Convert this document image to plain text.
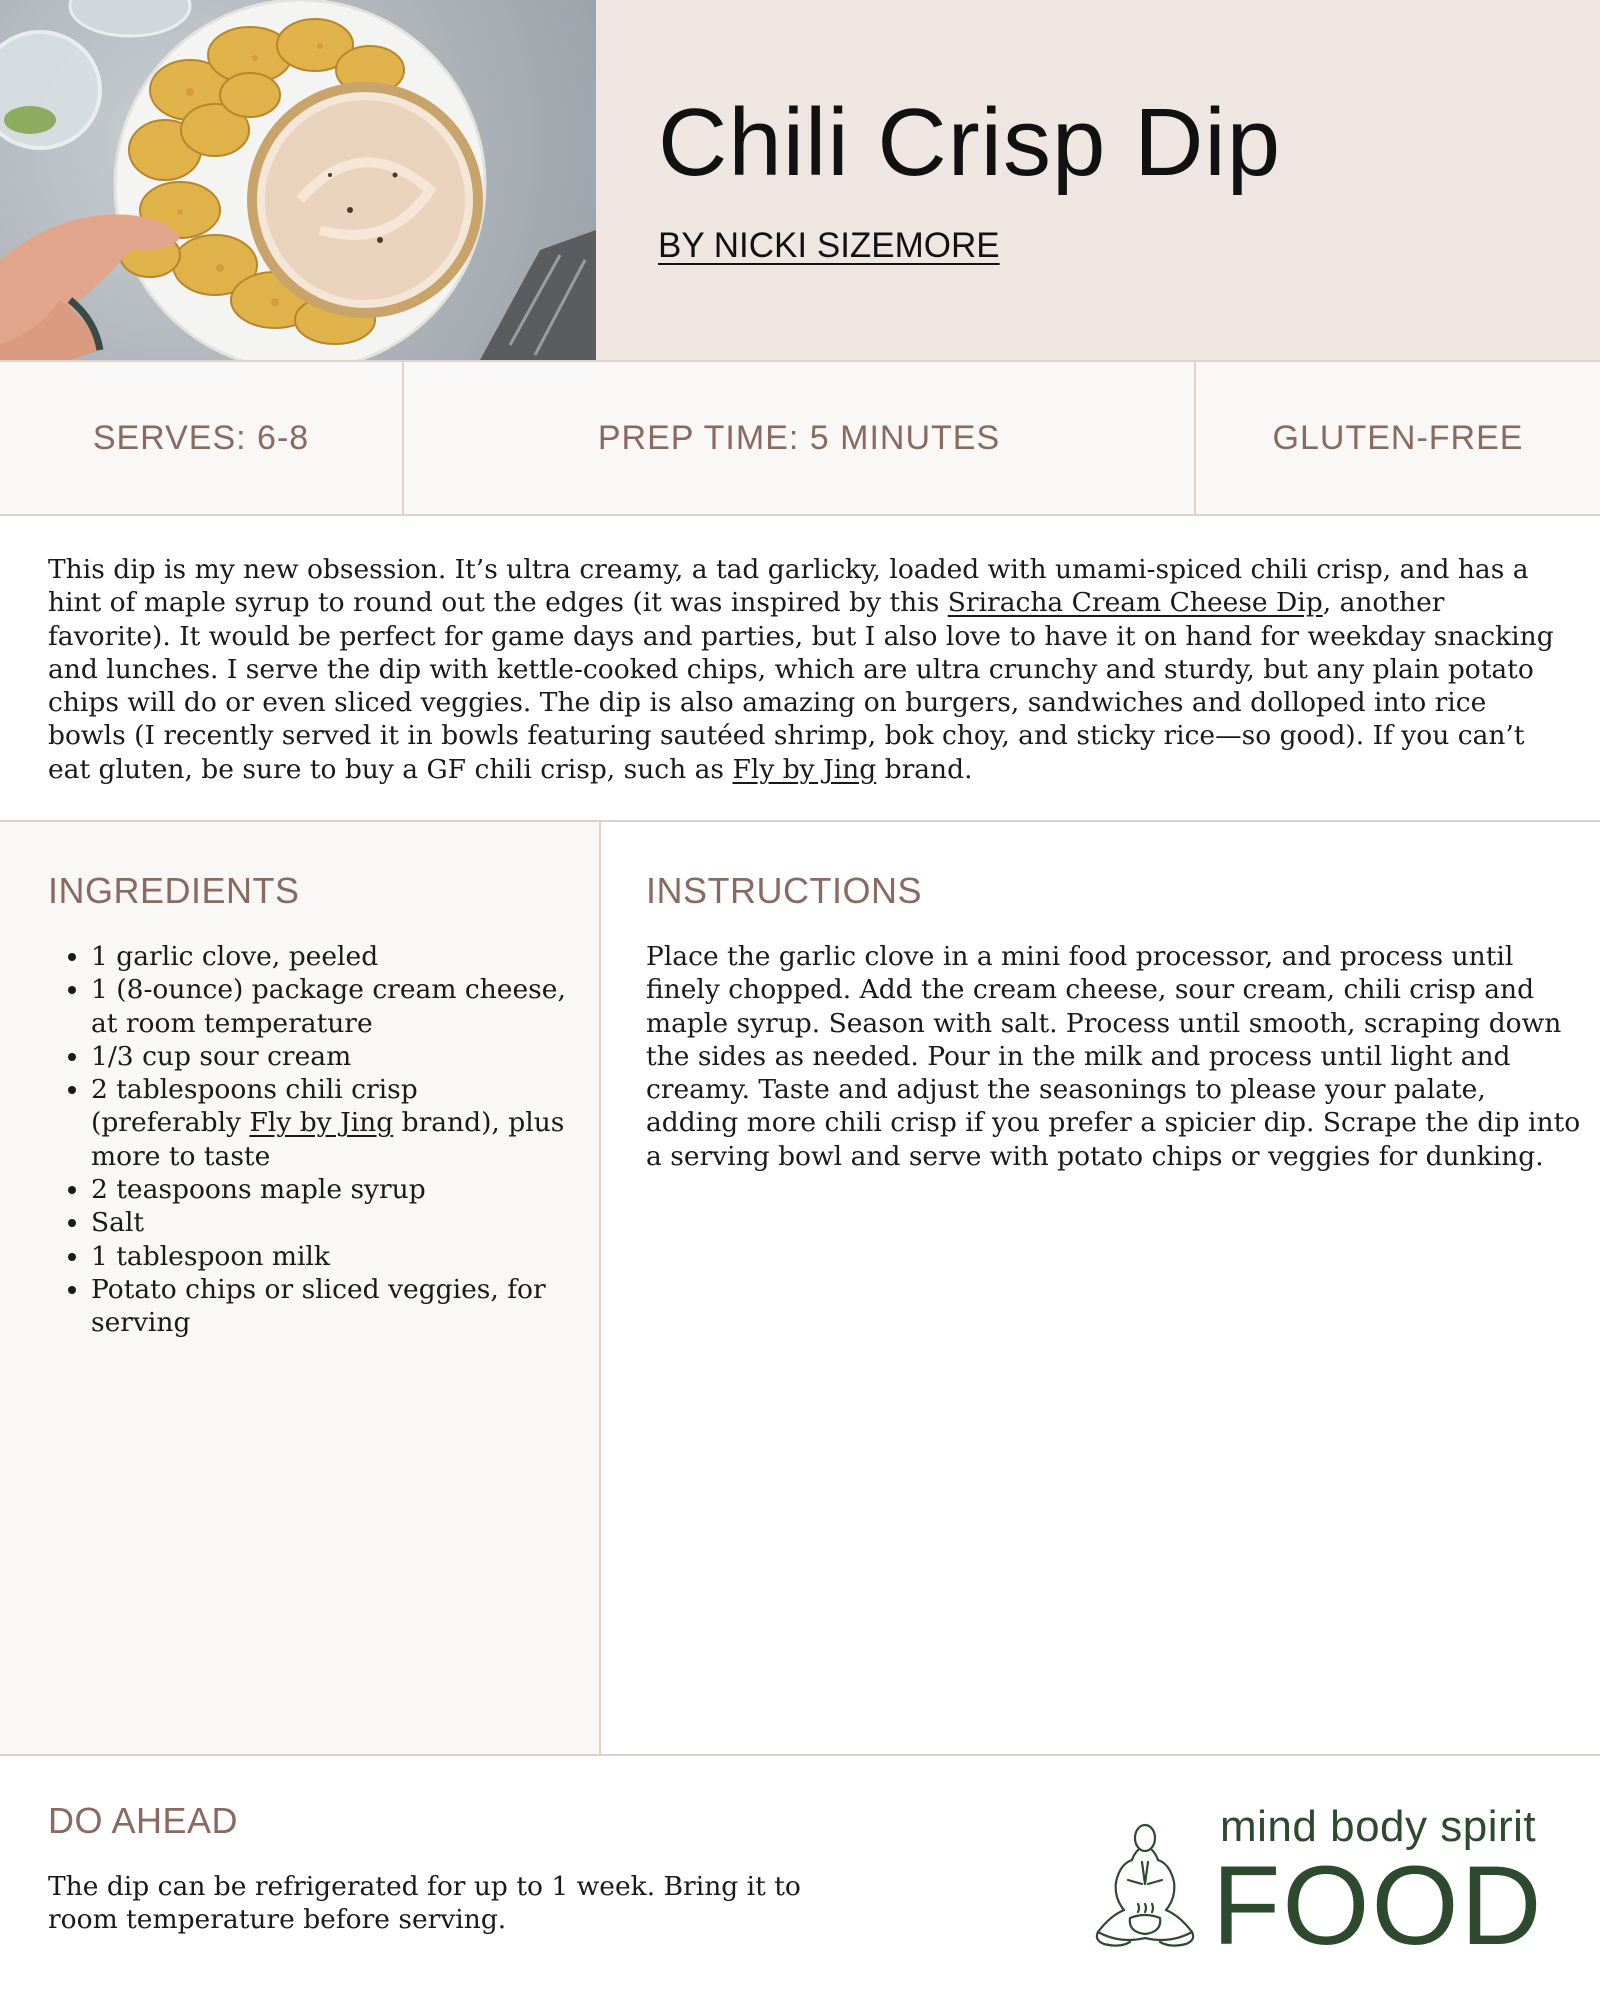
Chili Crisp Dip
BY NICKI SIZEMORE
SERVES: 6-8	PREP TIME: 5 MINUTES	GLUTEN-FREE

This dip is my new obsession. It’s ultra creamy, a tad garlicky, loaded with umami-spiced chili crisp, and has a hint of maple syrup to round out the edges (it was inspired by this Sriracha Cream Cheese Dip, another favorite). It would be perfect for game days and parties, but I also love to have it on hand for weekday snacking and lunches. I serve the dip with kettle-cooked chips, which are ultra crunchy and sturdy, but any plain potato chips will do or even sliced veggies. The dip is also amazing on burgers, sandwiches and dolloped into rice bowls (I recently served it in bowls featuring sautéed shrimp, bok choy, and sticky rice—so good). If you can’t eat gluten, be sure to buy a GF chili crisp, such as Fly by Jing brand.

INGREDIENTS
• 1 garlic clove, peeled
• 1 (8-ounce) package cream cheese, at room temperature
• 1/3 cup sour cream
• 2 tablespoons chili crisp (preferably Fly by Jing brand), plus more to taste
• 2 teaspoons maple syrup
• Salt
• 1 tablespoon milk
• Potato chips or sliced veggies, for serving
INSTRUCTIONS

Place the garlic clove in a mini food processor, and process until finely chopped. Add the cream cheese, sour cream, chili crisp and maple syrup. Season with salt. Process until smooth, scraping down the sides as needed. Pour in the milk and process until light and creamy. Taste and adjust the seasonings to please your palate, adding more chili crisp if you prefer a spicier dip. Scrape the dip into a serving bowl and serve with potato chips or veggies for dunking.

DO AHEAD

The dip can be refrigerated for up to 1 week. Bring it to room temperature before serving.

mind body spirit
FOOD
